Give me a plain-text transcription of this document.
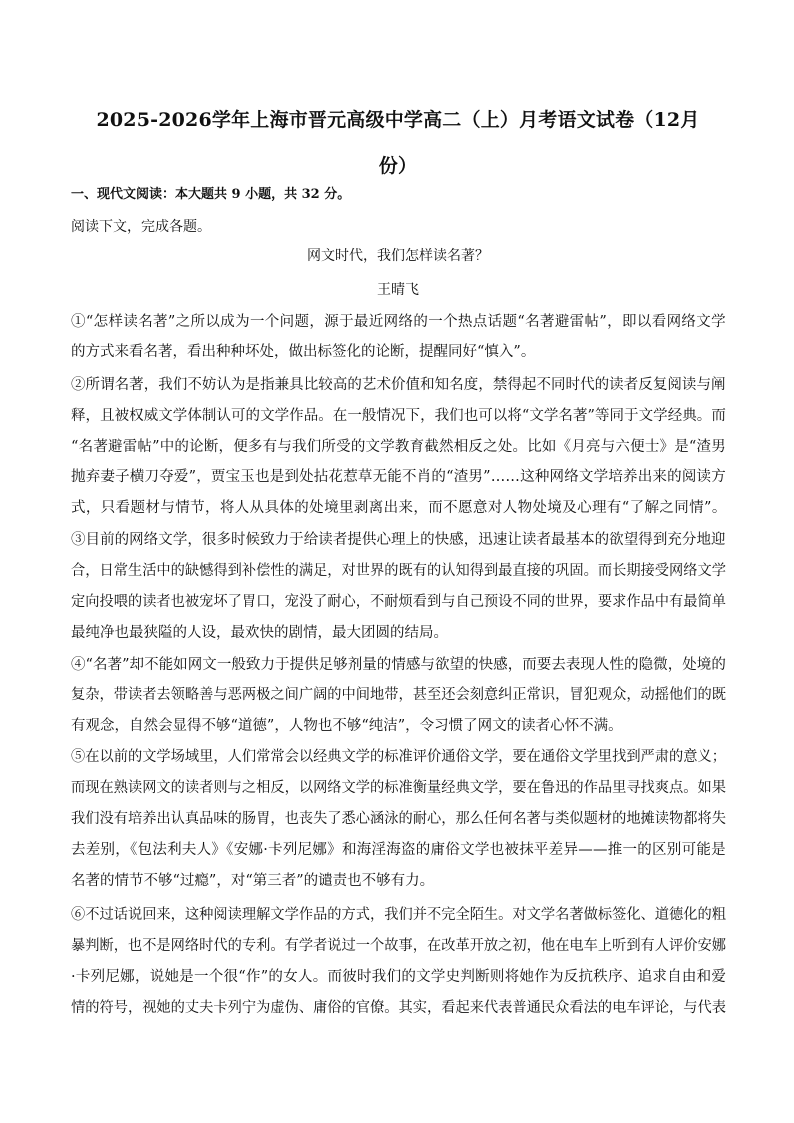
2025-2026学年上海市晋元高级中学高二（上）月考语文试卷（12月
份）
一、现代文阅读：本大题共 9 小题，共 32 分。
阅读下文，完成各题。
网文时代，我们怎样读名著？
王晴飞
①“怎样读名著”之所以成为一个问题，源于最近网络的一个热点话题“名著避雷帖”，即以看网络文学
的方式来看名著，看出种种坏处，做出标签化的论断，提醒同好“慎入”。
②所谓名著，我们不妨认为是指兼具比较高的艺术价值和知名度，禁得起不同时代的读者反复阅读与阐
释，且被权威文学体制认可的文学作品。在一般情况下，我们也可以将“文学名著”等同于文学经典。而
“名著避雷帖”中的论断，便多有与我们所受的文学教育截然相反之处。比如《月亮与六便士》是“渣男
抛弃妻子横刀夺爱”，贾宝玉也是到处拈花惹草无能不肖的“渣男”……这种网络文学培养出来的阅读方
式，只看题材与情节，将人从具体的处境里剥离出来，而不愿意对人物处境及心理有“了解之同情”。
③目前的网络文学，很多时候致力于给读者提供心理上的快感，迅速让读者最基本的欲望得到充分地迎
合，日常生活中的缺憾得到补偿性的满足，对世界的既有的认知得到最直接的巩固。而长期接受网络文学
定向投喂的读者也被宠坏了胃口，宠没了耐心，不耐烦看到与自己预设不同的世界，要求作品中有最简单
最纯净也最狭隘的人设，最欢快的剧情，最大团圆的结局。
④“名著”却不能如网文一般致力于提供足够剂量的情感与欲望的快感，而要去表现人性的隐微，处境的
复杂，带读者去领略善与恶两极之间广阔的中间地带，甚至还会刻意纠正常识，冒犯观众，动摇他们的既
有观念，自然会显得不够“道德”，人物也不够“纯洁”，令习惯了网文的读者心怀不满。
⑤在以前的文学场域里，人们常常会以经典文学的标准评价通俗文学，要在通俗文学里找到严肃的意义；
而现在熟读网文的读者则与之相反，以网络文学的标准衡量经典文学，要在鲁迅的作品里寻找爽点。如果
我们没有培养出认真品味的肠胃，也丧失了悉心涵泳的耐心，那么任何名著与类似题材的地摊读物都将失
去差别，《包法利夫人》《安娜·卡列尼娜》和海淫海盗的庸俗文学也被抹平差异——推一的区别可能是
名著的情节不够“过瘾”，对“第三者”的谴责也不够有力。
⑥不过话说回来，这种阅读理解文学作品的方式，我们并不完全陌生。对文学名著做标签化、道德化的粗
暴判断，也不是网络时代的专利。有学者说过一个故事，在改革开放之初，他在电车上听到有人评价安娜
·卡列尼娜，说她是一个很“作”的女人。而彼时我们的文学史判断则将她作为反抗秩序、追求自由和爱
情的符号，视她的丈夫卡列宁为虚伪、庸俗的官僚。其实，看起来代表普通民众看法的电车评论，与代表
